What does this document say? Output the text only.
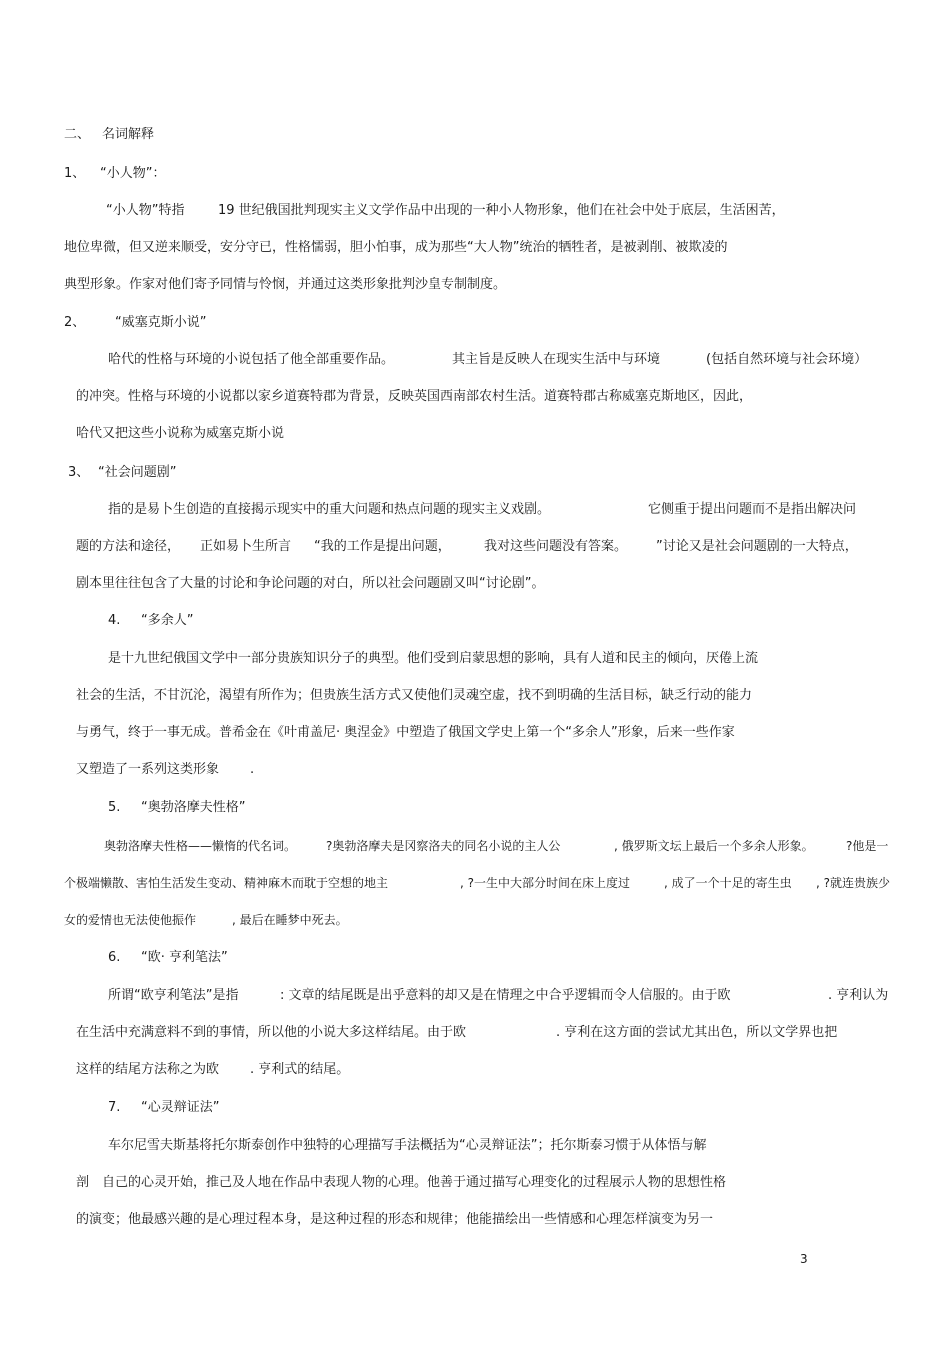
二、 名词解释
1、 “小人物”：
“小人物”特指	19 世纪俄国批判现实主义文学作品中出现的一种小人物形象，他们在社会中处于底层，生活困苦，
地位卑微，但又逆来顺受，安分守已，性格懦弱，胆小怕事，成为那些“大人物”统治的牺牲者，是被剥削、被欺凌的
典型形象。作家对他们寄予同情与怜悯，并通过这类形象批判沙皇专制制度。
2、 “威塞克斯小说”
哈代的性格与环境的小说包括了他全部重要作品。	其主旨是反映人在现实生活中与环境	(包括自然环境与社会环境）
的冲突。性格与环境的小说都以家乡道赛特郡为背景，反映英国西南部农村生活。道赛特郡古称威塞克斯地区，因此，
哈代又把这些小说称为威塞克斯小说
3、 “社会问题剧”
指的是易卜生创造的直接揭示现实中的重大问题和热点问题的现实主义戏剧。	它侧重于提出问题而不是指出解决问
题的方法和途径， 正如易卜生所言 “我的工作是提出问题，	我对这些问题没有答案。 ”讨论又是社会问题剧的一大特点，
剧本里往往包含了大量的讨论和争论问题的对白，所以社会问题剧又叫“讨论剧”。
4. “多余人”
是十九世纪俄国文学中一部分贵族知识分子的典型。他们受到启蒙思想的影响，具有人道和民主的倾向，厌倦上流
社会的生活，不甘沉沦，渴望有所作为；但贵族生活方式又使他们灵魂空虚，找不到明确的生活目标，缺乏行动的能力
与勇气，终于一事无成。普希金在《叶甫盖尼· 奥涅金》中塑造了俄国文学史上第一个“多余人”形象，后来一些作家
又塑造了一系列这类形象 .
5. “奥勃洛摩夫性格”
奥勃洛摩夫性格——懒惰的代名词。 ?奥勃洛摩夫是冈察洛夫的同名小说的主人公	, 俄罗斯文坛上最后一个多余人形象。	?他是一
个极端懒散、害怕生活发生变动、精神麻木而耽于空想的地主	, ?一生中大部分时间在床上度过	, 成了一个十足的寄生虫 , ?就连贵族少
女的爱情也无法使他振作	, 最后在睡梦中死去。
6. “欧· 亨利笔法”
所谓“欧亨利笔法”是指	: 文章的结尾既是出乎意料的却又是在情理之中合乎逻辑而令人信服的。由于欧	. 亨利认为
在生活中充满意料不到的事情，所以他的小说大多这样结尾。由于欧	. 亨利在这方面的尝试尤其出色，所以文学界也把
这样的结尾方法称之为欧 . 亨利式的结尾。
7. “心灵辩证法”
车尔尼雪夫斯基将托尔斯泰创作中独特的心理描写手法概括为“心灵辩证法”；托尔斯泰习惯于从体悟与解
剖 自己的心灵开始，推己及人地在作品中表现人物的心理。他善于通过描写心理变化的过程展示人物的思想性格
的演变；他最感兴趣的是心理过程本身，是这种过程的形态和规律；他能描绘出一些情感和心理怎样演变为另一
3
